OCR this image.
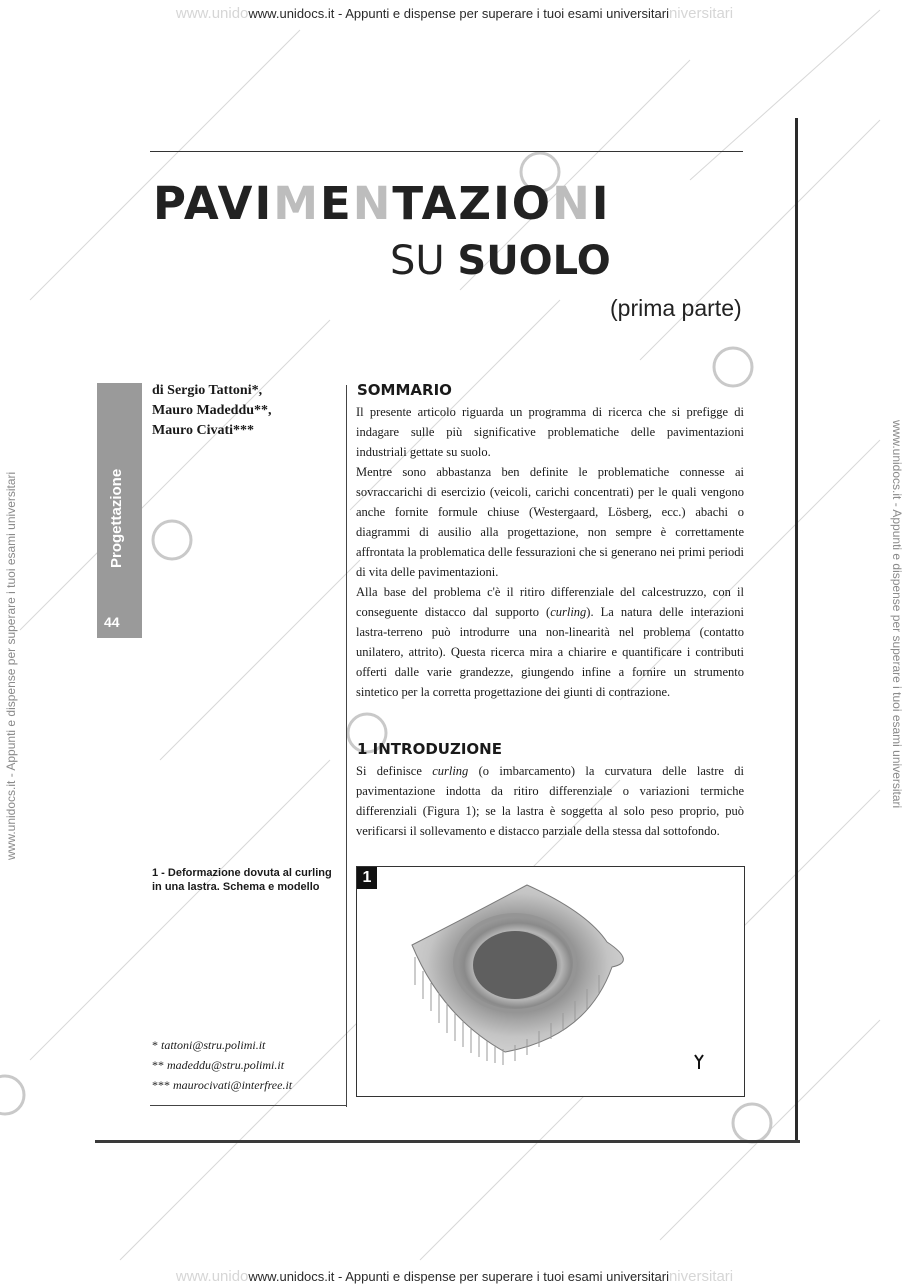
www.unidowww.unidocs.it - Appunti e dispense per superare i tuoi esami universitariniversitari
www.unidowww.unidocs.it - Appunti e dispense per superare i tuoi esami universitariniversitari
www.unidocs.it - Appunti e dispense per superare i tuoi esami universitari	www.unidocs.it - Appunti e dispense per superare i tuoi esami universitari
PAVIMENTAZIONI
SU SUOLO
(prima parte)
Progettazione
44
di Sergio Tattoni*,
Mauro Madeddu**,
Mauro Civati***
SOMMARIO

Il presente articolo riguarda un programma di ricerca che si prefigge di indagare sulle più significative problematiche delle pavimentazioni industriali gettate su suolo.

Mentre sono abbastanza ben definite le problematiche connesse ai sovraccarichi di esercizio (veicoli, carichi concentrati) per le quali vengono anche fornite formule chiuse (Westergaard, Lösberg, ecc.) abachi o diagrammi di ausilio alla progettazione, non sempre è correttamente affrontata la problematica delle fessurazioni che si generano nei primi periodi di vita delle pavimentazioni.

Alla base del problema c'è il ritiro differenziale del calcestruzzo, con il conseguente distacco dal supporto (curling). La natura delle interazioni lastra-terreno può introdurre una non-linearità nel problema (contatto unilatero, attrito). Questa ricerca mira a chiarire e quantificare i contributi offerti dalle varie grandezze, giungendo infine a fornire un strumento sintetico per la corretta progettazione dei giunti di contrazione.

1 INTRODUZIONE

Si definisce curling (o imbarcamento) la curvatura delle lastre di pavimentazione indotta da ritiro differenziale o variazioni termiche differenziali (Figura 1); se la lastra è soggetta al solo peso proprio, può verificarsi il sollevamento e distacco parziale della stessa dal sottofondo.

1 - Deformazione dovuta al curling in una lastra. Schema e modello
1
* tattoni@stru.polimi.it
** madeddu@stru.polimi.it
*** maurocivati@interfree.it
